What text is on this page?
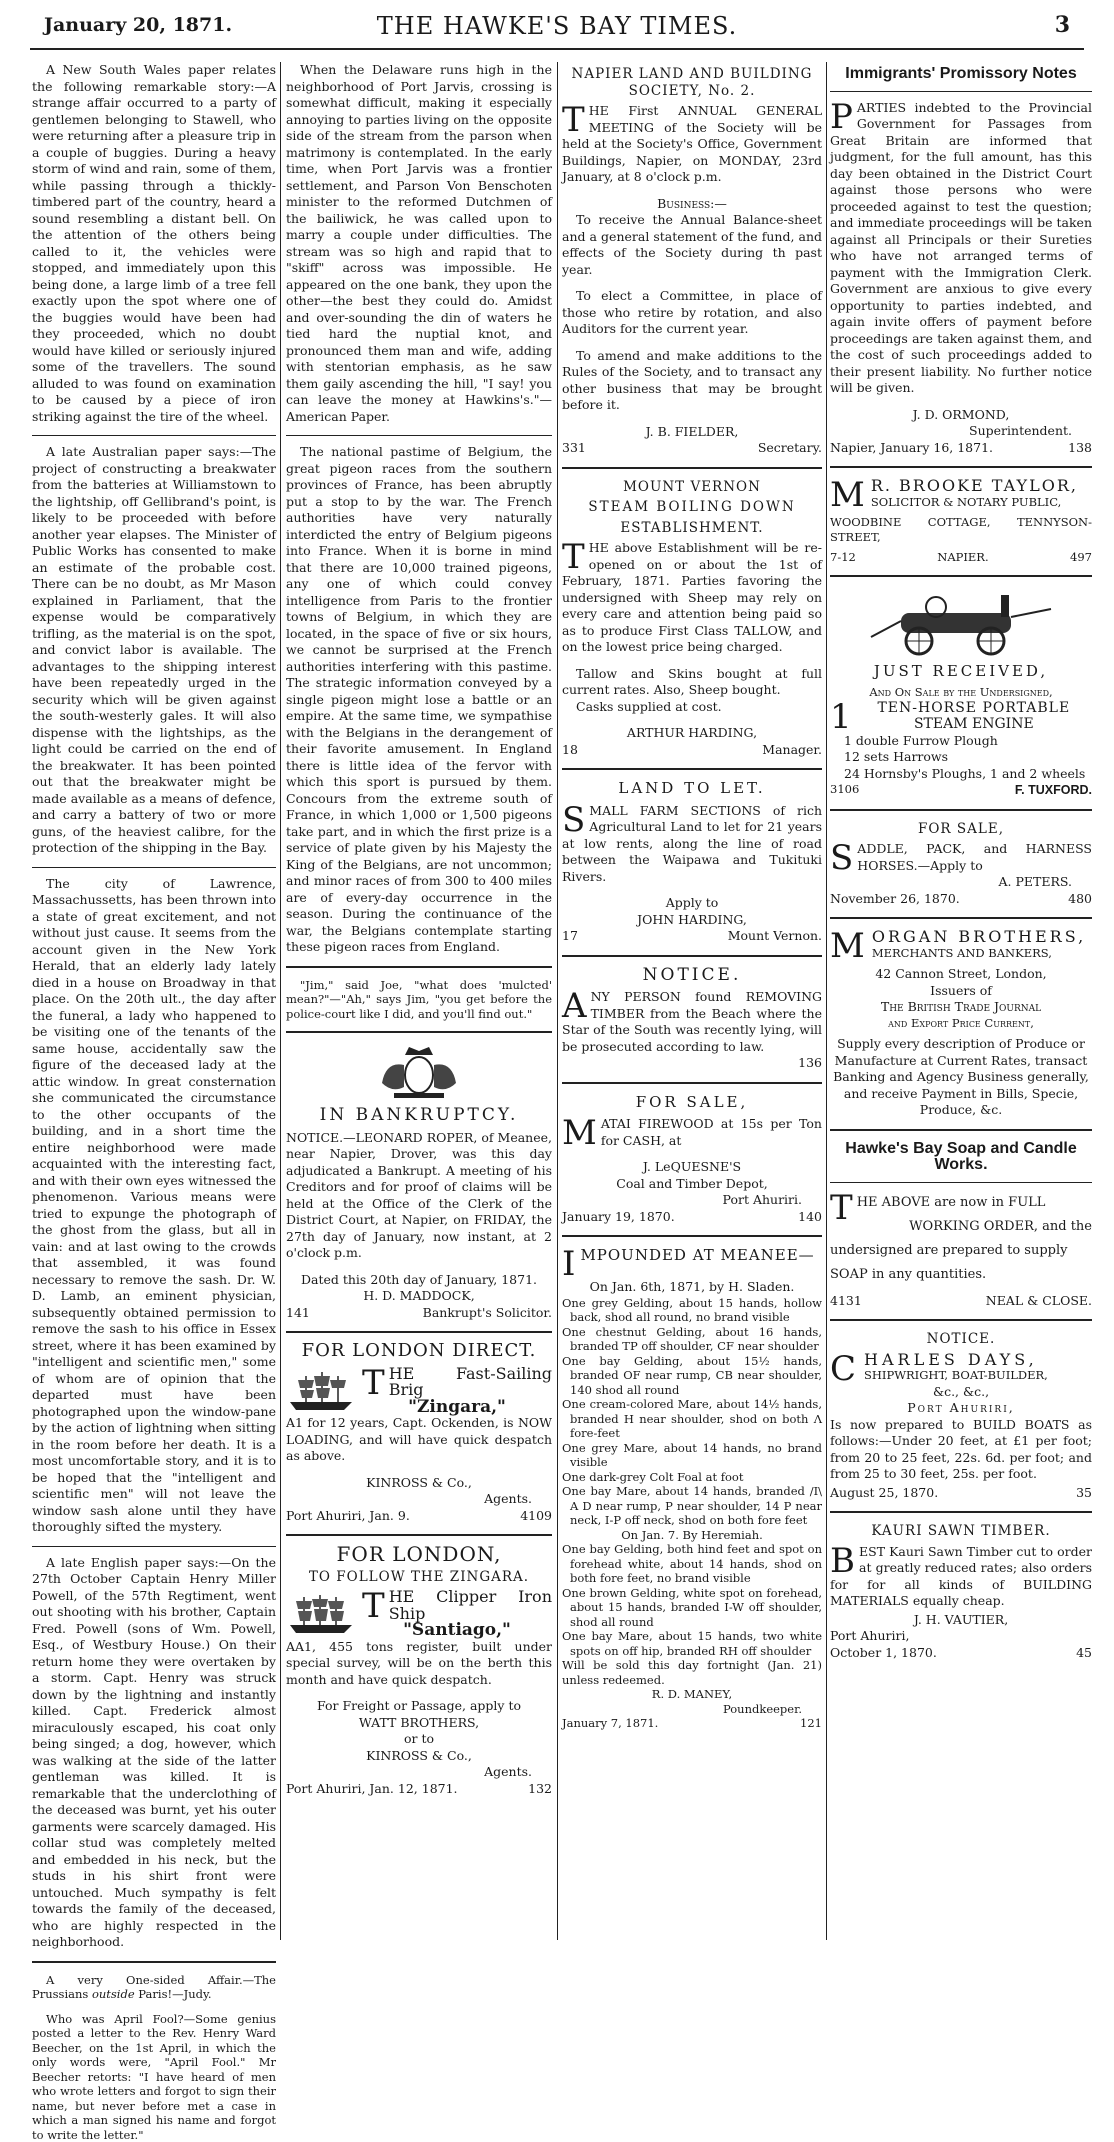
January 20, 1871.	THE HAWKE'S BAY TIMES.	3

A New South Wales paper relates the following remarkable story:—A strange affair occurred to a party of gentlemen belonging to Stawell, who were returning after a pleasure trip in a couple of buggies. During a heavy storm of wind and rain, some of them, while passing through a thickly-timbered part of the country, heard a sound resembling a distant bell. On the attention of the others being called to it, the vehicles were stopped, and immediately upon this being done, a large limb of a tree fell exactly upon the spot where one of the buggies would have been had they proceeded, which no doubt would have killed or seriously injured some of the travellers. The sound alluded to was found on examination to be caused by a piece of iron striking against the tire of the wheel.

A late Australian paper says:—The project of constructing a breakwater from the batteries at Williamstown to the lightship, off Gellibrand's point, is likely to be proceeded with before another year elapses. The Minister of Public Works has consented to make an estimate of the probable cost. There can be no doubt, as Mr Mason explained in Parliament, that the expense would be comparatively trifling, as the material is on the spot, and convict labor is available. The advantages to the shipping interest have been repeatedly urged in the security which will be given against the south-westerly gales. It will also dispense with the lightships, as the light could be carried on the end of the breakwater. It has been pointed out that the breakwater might be made available as a means of defence, and carry a battery of two or more guns, of the heaviest calibre, for the protection of the shipping in the Bay.

The city of Lawrence, Massachussetts, has been thrown into a state of great excitement, and not without just cause. It seems from the account given in the New York Herald, that an elderly lady lately died in a house on Broadway in that place. On the 20th ult., the day after the funeral, a lady who happened to be visiting one of the tenants of the same house, accidentally saw the figure of the deceased lady at the attic window. In great consternation she communicated the circumstance to the other occupants of the building, and in a short time the entire neighborhood were made acquainted with the interesting fact, and with their own eyes witnessed the phenomenon. Various means were tried to expunge the photograph of the ghost from the glass, but all in vain: and at last owing to the crowds that assembled, it was found necessary to remove the sash. Dr. W. D. Lamb, an eminent physician, subsequently obtained permission to remove the sash to his office in Essex street, where it has been examined by "intelligent and scientific men," some of whom are of opinion that the departed must have been photographed upon the window-pane by the action of lightning when sitting in the room before her death. It is a most uncomfortable story, and it is to be hoped that the "intelligent and scientific men" will not leave the window sash alone until they have thoroughly sifted the mystery.

A late English paper says:—On the 27th October Captain Henry Miller Powell, of the 57th Regtiment, went out shooting with his brother, Captain Fred. Powell (sons of Wm. Powell, Esq., of Westbury House.) On their return home they were overtaken by a storm. Capt. Henry was struck down by the lightning and instantly killed. Capt. Frederick almost miraculously escaped, his coat only being singed; a dog, however, which was walking at the side of the latter gentleman was killed. It is remarkable that the underclothing of the deceased was burnt, yet his outer garments were scarcely damaged. His collar stud was completely melted and embedded in his neck, but the studs in his shirt front were untouched. Much sympathy is felt towards the family of the deceased, who are highly respected in the neighborhood.

A very One-sided Affair.—The Prussians outside Paris!—Judy.

Who was April Fool?—Some genius posted a letter to the Rev. Henry Ward Beecher, on the 1st April, in which the only words were, "April Fool." Mr Beecher retorts: "I have heard of men who wrote letters and forgot to sign their name, but never before met a case in which a man signed his name and forgot to write the letter."

When the Delaware runs high in the neighborhood of Port Jarvis, crossing is somewhat difficult, making it especially annoying to parties living on the opposite side of the stream from the parson when matrimony is contemplated. In the early time, when Port Jarvis was a frontier settlement, and Parson Von Benschoten minister to the reformed Dutchmen of the bailiwick, he was called upon to marry a couple under difficulties. The stream was so high and rapid that to "skiff" across was impossible. He appeared on the one bank, they upon the other—the best they could do. Amidst and over-sounding the din of waters he tied hard the nuptial knot, and pronounced them man and wife, adding with stentorian emphasis, as he saw them gaily ascending the hill, "I say! you can leave the money at Hawkins's."—American Paper.

The national pastime of Belgium, the great pigeon races from the southern provinces of France, has been abruptly put a stop to by the war. The French authorities have very naturally interdicted the entry of Belgium pigeons into France. When it is borne in mind that there are 10,000 trained pigeons, any one of which could convey intelligence from Paris to the frontier towns of Belgium, in which they are located, in the space of five or six hours, we cannot be surprised at the French authorities interfering with this pastime. The strategic information conveyed by a single pigeon might lose a battle or an empire. At the same time, we sympathise with the Belgians in the derangement of their favorite amusement. In England there is little idea of the fervor with which this sport is pursued by them. Concours from the extreme south of France, in which 1,000 or 1,500 pigeons take part, and in which the first prize is a service of plate given by his Majesty the King of the Belgians, are not uncommon; and minor races of from 300 to 400 miles are of every-day occurrence in the season. During the continuance of the war, the Belgians contemplate starting these pigeon races from England.

"Jim," said Joe, "what does 'mulcted' mean?"—"Ah," says Jim, "you get before the police-court like I did, and you'll find out."

IN BANKRUPTCY.

NOTICE.—LEONARD ROPER, of Meanee, near Napier, Drover, was this day adjudicated a Bankrupt. A meeting of his Creditors and for proof of claims will be held at the Office of the Clerk of the District Court, at Napier, on FRIDAY, the 27th day of January, now instant, at 2 o'clock p.m.

Dated this 20th day of January, 1871.
H. D. MADDOCK,
141	Bankrupt's Solicitor.
FOR LONDON DIRECT.
THE Fast-Sailing Brig
"Zingara,"

A1 for 12 years, Capt. Ockenden, is NOW LOADING, and will have quick despatch as above.

KINROSS & Co.,
Agents.
Port Ahuriri, Jan. 9.	4109
FOR LONDON,
TO FOLLOW THE ZINGARA.
THE Clipper Iron Ship
"Santiago,"

AA1, 455 tons register, built under special survey, will be on the berth this month and have quick despatch.

For Freight or Passage, apply to
WATT BROTHERS,
or to
KINROSS & Co.,
Agents.
Port Ahuriri, Jan. 12, 1871.	132
NAPIER LAND AND BUILDING
SOCIETY, No. 2.

THE First ANNUAL GENERAL MEETING of the Society will be held at the Society's Office, Government Buildings, Napier, on MONDAY, 23rd January, at 8 o'clock p.m.

Business:—

To receive the Annual Balance-sheet and a general statement of the fund, and effects of the Society during th past year.

To elect a Committee, in place of those who retire by rotation, and also Auditors for the current year.

To amend and make additions to the Rules of the Society, and to transact any other business that may be brought before it.

J. B. FIELDER,
331	Secretary.
MOUNT VERNON
STEAM BOILING DOWN
ESTABLISHMENT.

THE above Establishment will be re-opened on or about the 1st of February, 1871. Parties favoring the undersigned with Sheep may rely on every care and attention being paid so as to produce First Class TALLOW, and on the lowest price being charged.

Tallow and Skins bought at full current rates. Also, Sheep bought.

Casks supplied at cost.

ARTHUR HARDING,
18	Manager.
LAND TO LET.

SMALL FARM SECTIONS of rich Agricultural Land to let for 21 years at low rents, along the line of road between the Waipawa and Tukituki Rivers.

Apply to
JOHN HARDING,
17	Mount Vernon.
NOTICE.

ANY PERSON found REMOVING TIMBER from the Beach where the Star of the South was recently lying, will be prosecuted according to law.

136
FOR SALE,

MATAI FIREWOOD at 15s per Ton for CASH, at

J. LeQUESNE'S
Coal and Timber Depot,
Port Ahuriri.
January 19, 1870.	140
IMPOUNDED AT MEANEE—
On Jan. 6th, 1871, by H. Sladen.
One grey Gelding, about 15 hands, hollow back, shod all round, no brand visible
One chestnut Gelding, about 16 hands, branded TP off shoulder, CF near shoulder
One bay Gelding, about 15½ hands, branded OF near rump, CB near shoulder, 140 shod all round
One cream-colored Mare, about 14½ hands, branded H near shoulder, shod on both Λ fore-feet
One grey Mare, about 14 hands, no brand visible
One dark-grey Colt Foal at foot
One bay Mare, about 14 hands, branded /I\ A D near rump, P near shoulder, 14 P near neck, I-P off neck, shod on both fore feet
On Jan. 7. By Heremiah.
One bay Gelding, both hind feet and spot on forehead white, about 14 hands, shod on both fore feet, no brand visible
One brown Gelding, white spot on forehead, about 15 hands, branded I-W off shoulder, shod all round
One bay Mare, about 15 hands, two white spots on off hip, branded RH off shoulder
Will be sold this day fortnight (Jan. 21) unless redeemed.
R. D. MANEY,
Poundkeeper.
January 7, 1871.	121
Immigrants' Promissory Notes

PARTIES indebted to the Provincial Government for Passages from Great Britain are informed that judgment, for the full amount, has this day been obtained in the District Court against those persons who were proceeded against to test the question; and immediate proceedings will be taken against all Principals or their Sureties who have not arranged terms of payment with the Immigration Clerk. Government are anxious to give every opportunity to parties indebted, and again invite offers of payment before proceedings are taken against them, and the cost of such proceedings added to their present liability. No further notice will be given.

J. D. ORMOND,
Superintendent.
Napier, January 16, 1871.	138
M R. BROOKE TAYLOR,
SOLICITOR & NOTARY PUBLIC,
WOODBINE COTTAGE, TENNYSON-STREET,
7-12	NAPIER.	497
JUST RECEIVED,
And On Sale by the Undersigned,
1	TEN-HORSE PORTABLE
STEAM ENGINE
1 double Furrow Plough
12 sets Harrows
24 Hornsby's Ploughs, 1 and 2 wheels
3106	F. TUXFORD.
FOR SALE,

SADDLE, PACK, and HARNESS HORSES.—Apply to

A. PETERS.
November 26, 1870.	480
MORGAN BROTHERS,
MERCHANTS AND BANKERS,
42 Cannon Street, London,
Issuers of
The British Trade Journal
and Export Price Current,

Supply every description of Produce or Manufacture at Current Rates, transact Banking and Agency Business generally, and receive Payment in Bills, Specie, Produce, &c.

Hawke's Bay Soap and Candle Works.
THE ABOVE are now in FULL
WORKING ORDER, and the
undersigned are prepared to supply
SOAP in any quantities.
4131	NEAL & CLOSE.
NOTICE.
CHARLES DAYS,
SHIPWRIGHT, BOAT-BUILDER,
&c., &c.,
Port Ahuriri,

Is now prepared to BUILD BOATS as follows:—Under 20 feet, at £1 per foot; from 20 to 25 feet, 22s. 6d. per foot; and from 25 to 30 feet, 25s. per foot.

August 25, 1870.	35
KAURI SAWN TIMBER.

BEST Kauri Sawn Timber cut to order at greatly reduced rates; also orders for for all kinds of BUILDING MATERIALS equally cheap.

J. H. VAUTIER,
Port Ahuriri,
October 1, 1870.	45
